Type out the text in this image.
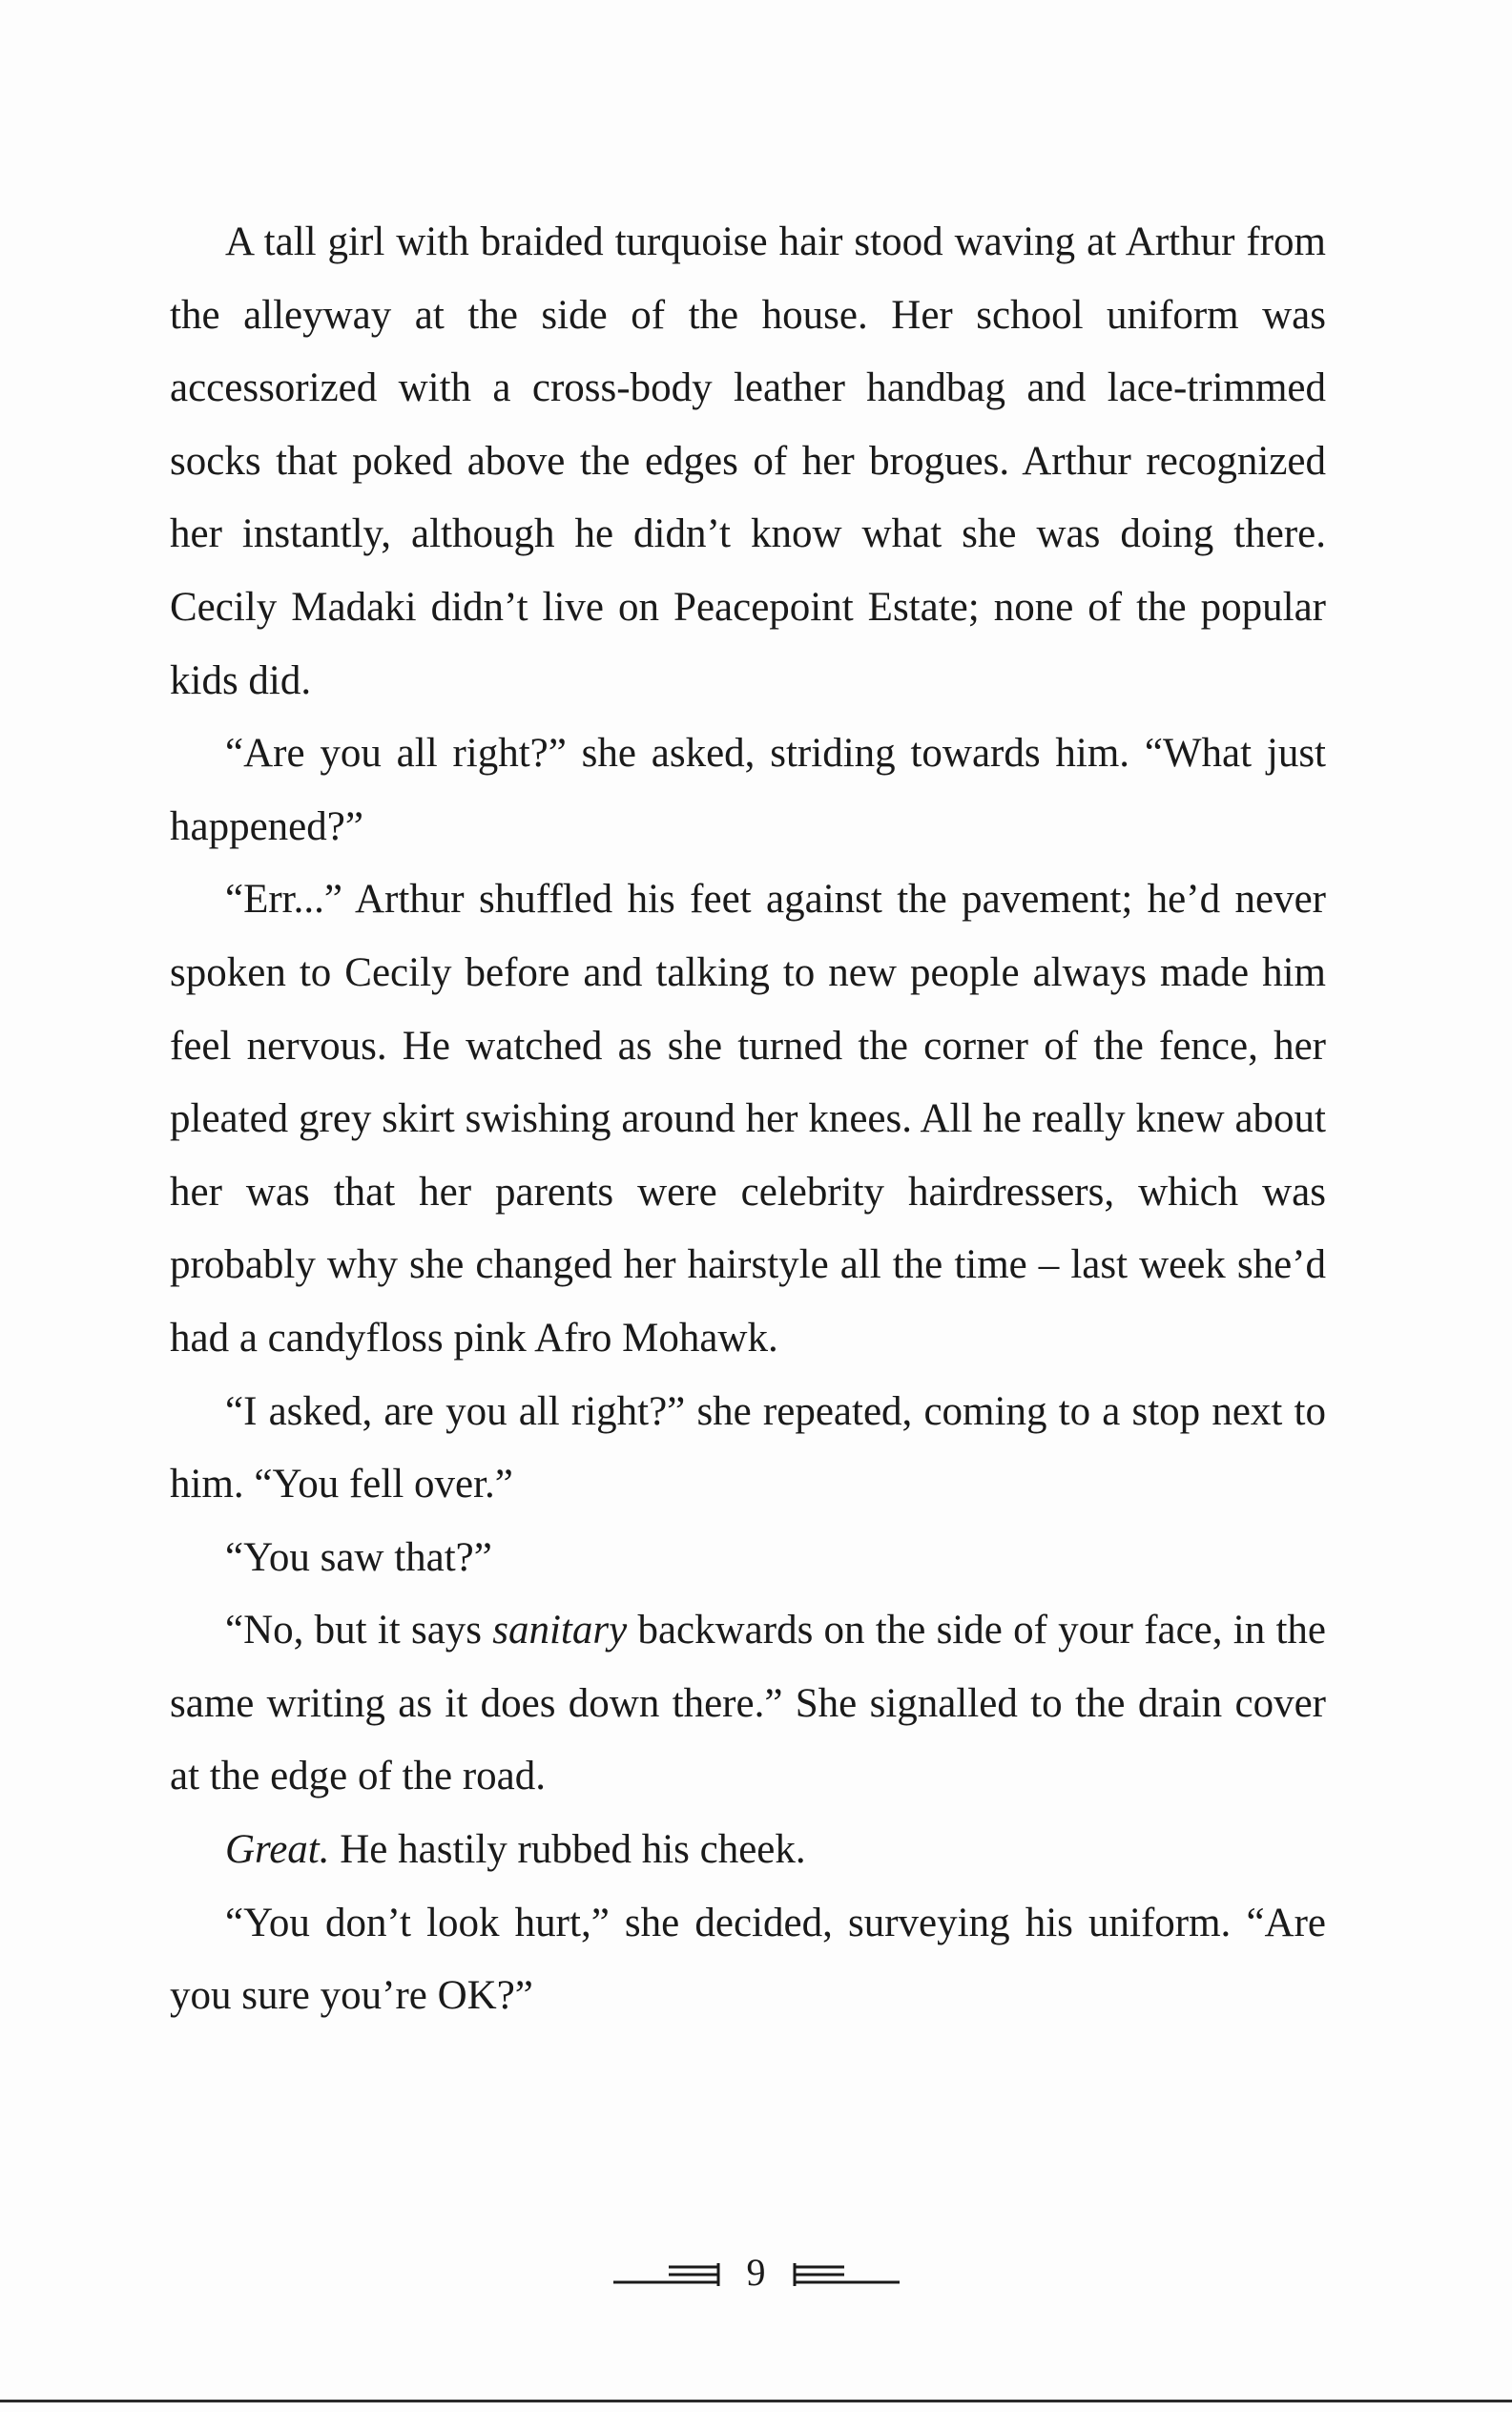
A tall girl with braided turquoise hair stood waving at Arthur from the alleyway at the side of the house. Her school uniform was accessorized with a cross-body leather handbag and lace-trimmed socks that poked above the edges of her brogues. Arthur recognized her instantly, although he didn’t know what she was doing there. Cecily Madaki didn’t live on Peacepoint Estate; none of the popular kids did.

“Are you all right?” she asked, striding towards him. “What just happened?”

“Err...” Arthur shuffled his feet against the pavement; he’d never spoken to Cecily before and talking to new people always made him feel nervous. He watched as she turned the corner of the fence, her pleated grey skirt swishing around her knees. All he really knew about her was that her parents were celebrity hairdressers, which was probably why she changed her hairstyle all the time – last week she’d had a candyfloss pink Afro Mohawk.

“I asked, are you all right?” she repeated, coming to a stop next to him. “You fell over.”

“You saw that?”

“No, but it says sanitary backwards on the side of your face, in the same writing as it does down there.” She signalled to the drain cover at the edge of the road.

Great. He hastily rubbed his cheek.

“You don’t look hurt,” she decided, surveying his uniform. “Are you sure you’re OK?”

9
